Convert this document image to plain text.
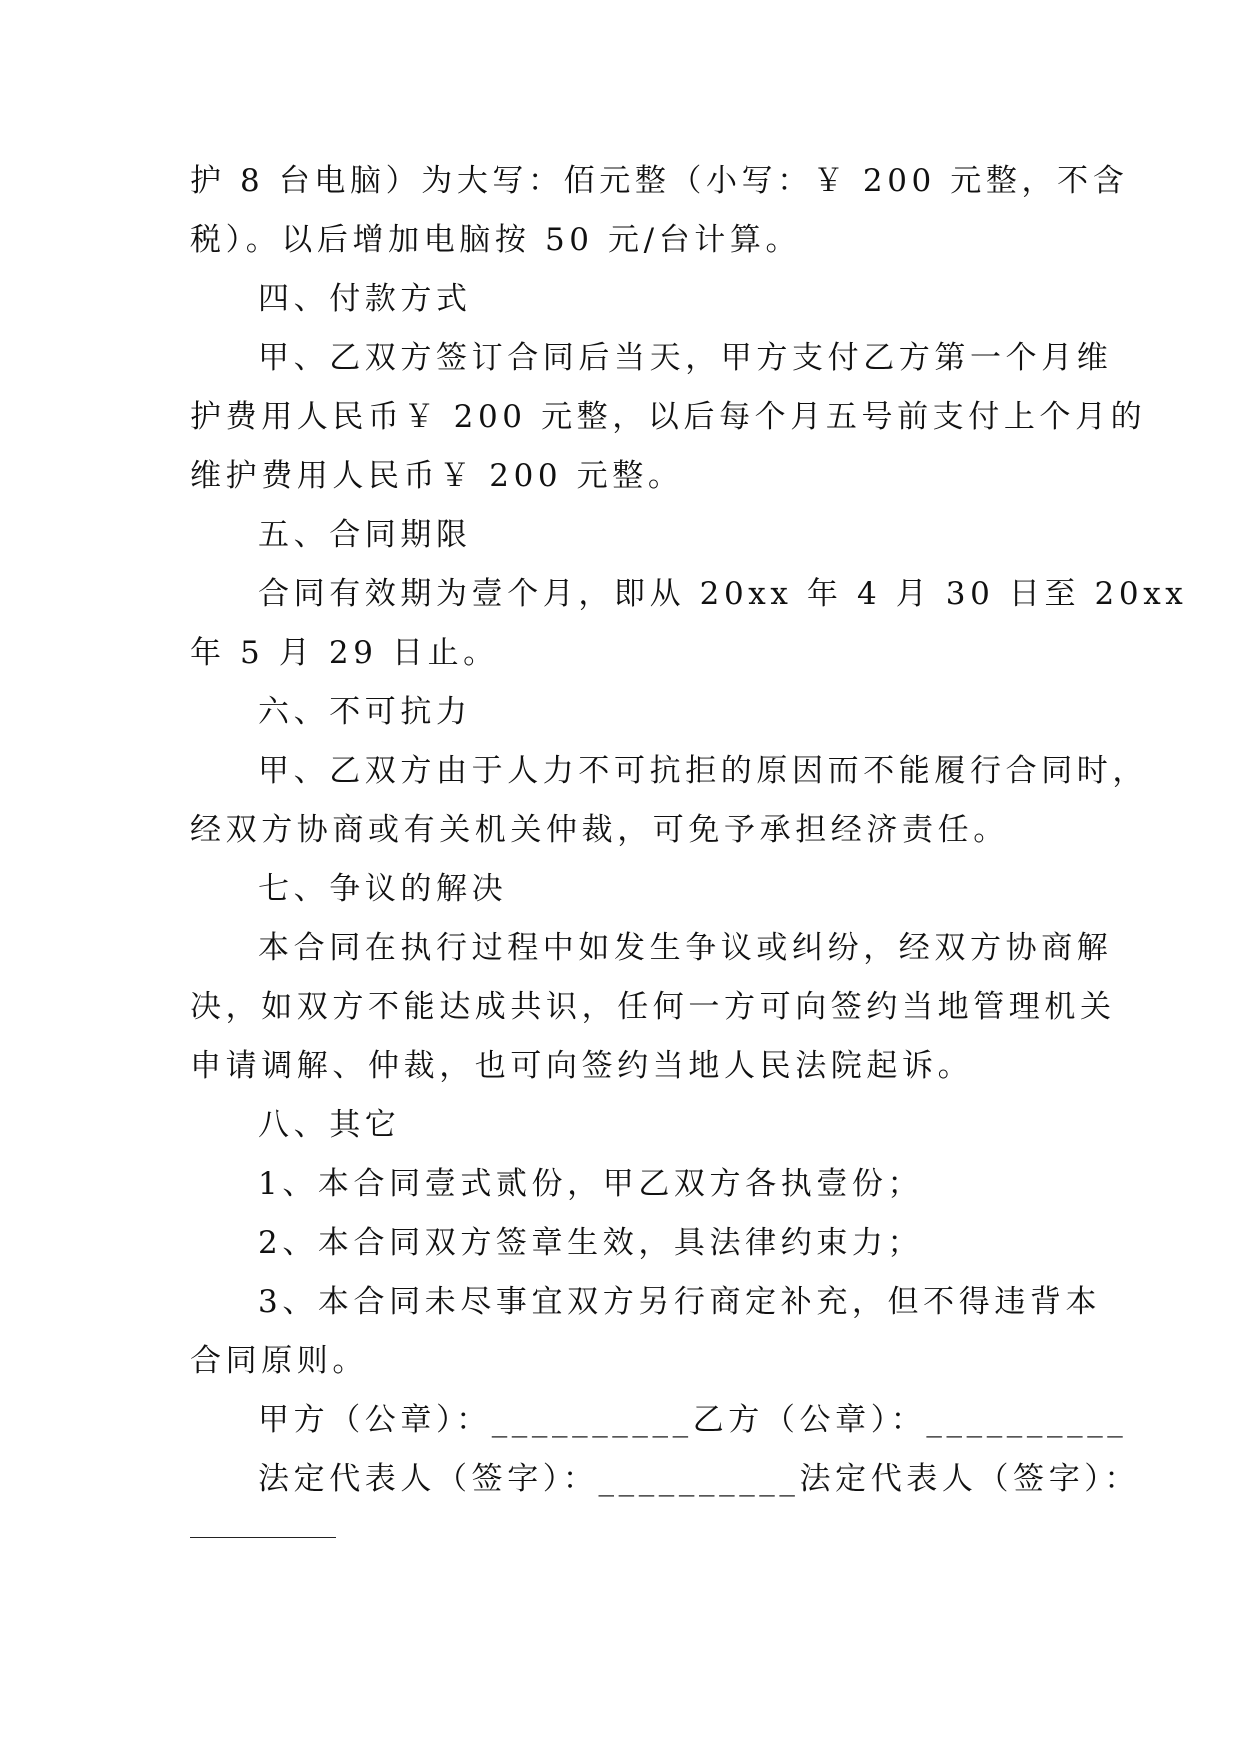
护 8 台电脑）为大写：佰元整（小写：￥ 200 元整，不含
税）。以后增加电脑按 50 元/台计算。
四、付款方式
甲、乙双方签订合同后当天，甲方支付乙方第一个月维
护费用人民币￥ 200 元整，以后每个月五号前支付上个月的
维护费用人民币￥ 200 元整。
五、合同期限
合同有效期为壹个月，即从 20xx 年 4 月 30 日至 20xx
年 5 月 29 日止。
六、不可抗力
甲、乙双方由于人力不可抗拒的原因而不能履行合同时，
经双方协商或有关机关仲裁，可免予承担经济责任。
七、争议的解决
本合同在执行过程中如发生争议或纠纷，经双方协商解
决，如双方不能达成共识，任何一方可向签约当地管理机关
申请调解、仲裁，也可向签约当地人民法院起诉。
八、其它
1、本合同壹式贰份，甲乙双方各执壹份；
2、本合同双方签章生效，具法律约束力；
3、本合同未尽事宜双方另行商定补充，但不得违背本
合同原则。
甲方（公章）：__________乙方（公章）：__________
法定代表人（签字）：__________法定代表人（签字）：
